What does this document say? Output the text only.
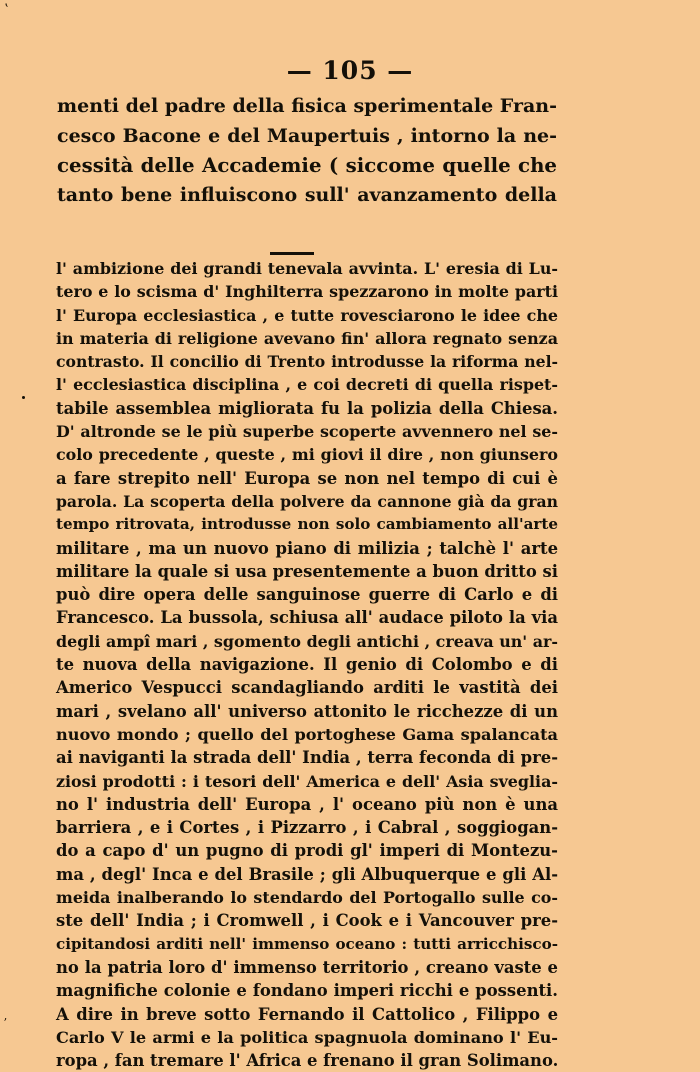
ʽ
— 105 —
menti del padre della fisica sperimentale Fran-
cesco Bacone e del Maupertuis , intorno la ne-
cessità delle Accademie ( siccome quelle che
tanto bene influiscono sull' avanzamento della
l' ambizione dei grandi tenevala avvinta. L' eresia di Lu-
tero e lo scisma d' Inghilterra spezzarono in molte parti
l' Europa ecclesiastica , e tutte rovesciarono le idee che
in materia di religione avevano fin' allora regnato senza
contrasto. Il concilio di Trento introdusse la riforma nel-
l' ecclesiastica disciplina , e coi decreti di quella rispet-
tabile assemblea migliorata fu la polizia della Chiesa.
D' altronde se le più superbe scoperte avvennero nel se-
colo precedente , queste , mi giovi il dire , non giunsero
a fare strepito nell' Europa se non nel tempo di cui è
parola. La scoperta della polvere da cannone già da gran
tempo ritrovata, introdusse non solo cambiamento all'arte
militare , ma un nuovo piano di milizia ; talchè l' arte
militare la quale si usa presentemente a buon dritto si
può dire opera delle sanguinose guerre di Carlo e di
Francesco. La bussola, schiusa all' audace piloto la via
degli ampî mari , sgomento degli antichi , creava un' ar-
te nuova della navigazione. Il genio di Colombo e di
Americo Vespucci scandagliando arditi le vastità dei
mari , svelano all' universo attonito le ricchezze di un
nuovo mondo ; quello del portoghese Gama spalancata
ai naviganti la strada dell' India , terra feconda di pre-
ziosi prodotti : i tesori dell' America e dell' Asia sveglia-
no l' industria dell' Europa , l' oceano più non è una
barriera , e i Cortes , i Pizzarro , i Cabral , soggiogan-
do a capo d' un pugno di prodi gl' imperi di Montezu-
ma , degl' Inca e del Brasile ; gli Albuquerque e gli Al-
meida inalberando lo stendardo del Portogallo sulle co-
ste dell' India ; i Cromwell , i Cook e i Vancouver pre-
cipitandosi arditi nell' immenso oceano : tutti arricchisco-
no la patria loro d' immenso territorio , creano vaste e
magnifiche colonie e fondano imperi ricchi e possenti.
A dire in breve sotto Fernando il Cattolico , Filippo e
Carlo V le armi e la politica spagnuola dominano l' Eu-
ropa , fan tremare l' Africa e frenano il gran Solimano.
ʼ
